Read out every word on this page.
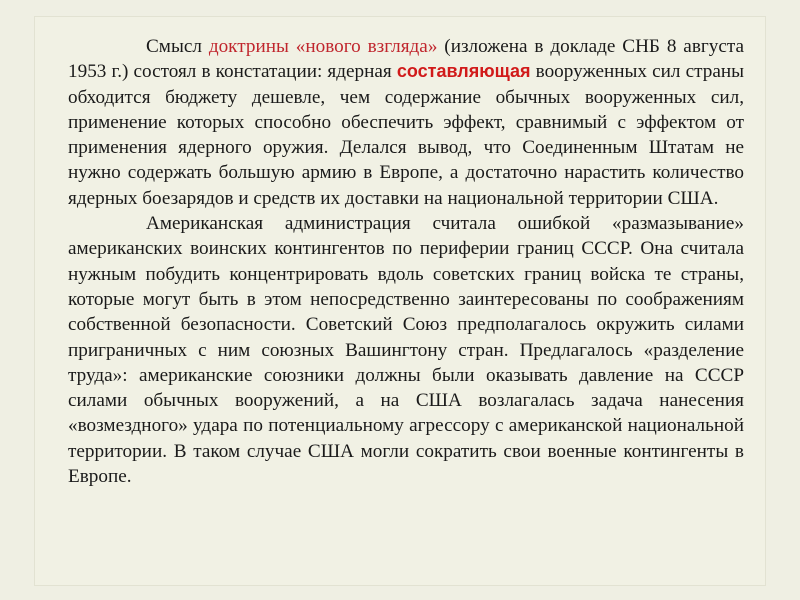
Смысл доктрины «нового взгляда» (изложена в докладе СНБ 8 августа 1953 г.) состоял в констатации: ядерная составляющая вооруженных сил страны обходится бюджету дешевле, чем содержание обычных вооруженных сил, применение которых способно обеспечить эффект, сравнимый с эффектом от применения ядерного оружия. Делался вывод, что Соединенным Штатам не нужно содержать большую армию в Европе, а достаточно нарастить количество ядерных боезарядов и средств их доставки на национальной территории США.

Американская администрация считала ошибкой «размазывание» американских воинских контингентов по периферии границ СССР. Она считала нужным побудить концентрировать вдоль советских границ войска те страны, которые могут быть в этом непосредственно заинтересованы по соображениям собственной безопасности. Советский Союз предполагалось окружить силами приграничных с ним союзных Вашингтону стран. Предлагалось «разделение труда»: американские союзники должны были оказывать давление на СССР силами обычных вооружений, а на США возлагалась задача нанесения «возмездного» удара по потенциальному агрессору с американской национальной территории. В таком случае США могли сократить свои военные контингенты в Европе.
